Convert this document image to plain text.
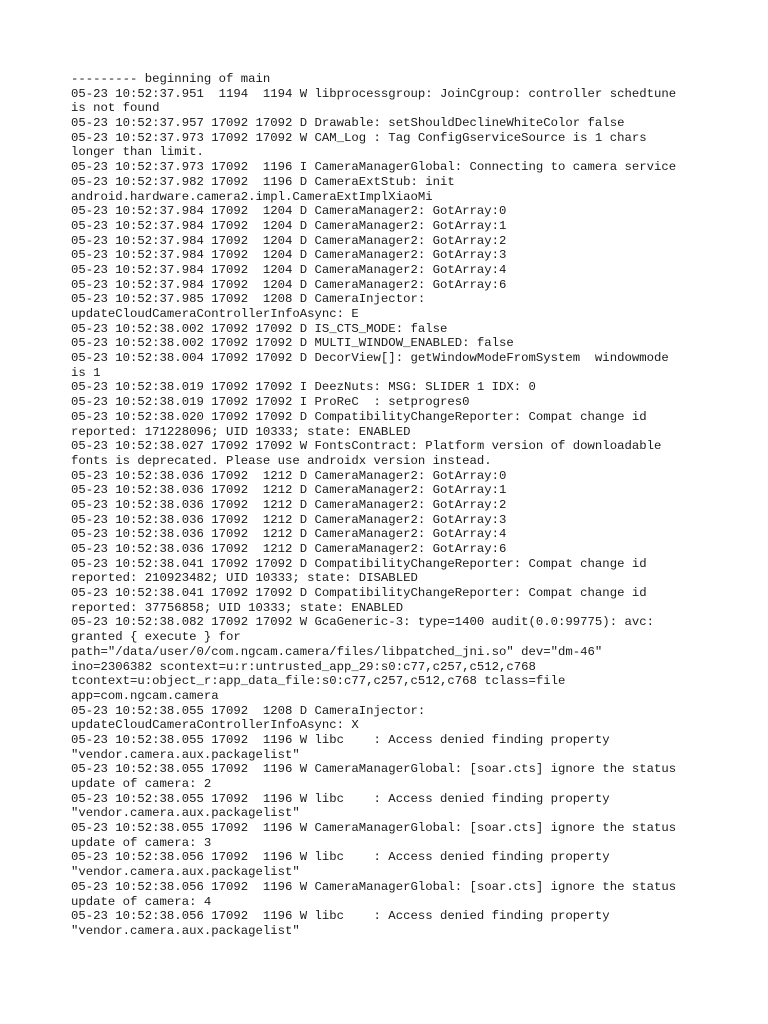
--------- beginning of main
05-23 10:52:37.951  1194  1194 W libprocessgroup: JoinCgroup: controller schedtune
is not found
05-23 10:52:37.957 17092 17092 D Drawable: setShouldDeclineWhiteColor false
05-23 10:52:37.973 17092 17092 W CAM_Log : Tag ConfigGserviceSource is 1 chars
longer than limit.
05-23 10:52:37.973 17092  1196 I CameraManagerGlobal: Connecting to camera service
05-23 10:52:37.982 17092  1196 D CameraExtStub: init
android.hardware.camera2.impl.CameraExtImplXiaoMi
05-23 10:52:37.984 17092  1204 D CameraManager2: GotArray:0
05-23 10:52:37.984 17092  1204 D CameraManager2: GotArray:1
05-23 10:52:37.984 17092  1204 D CameraManager2: GotArray:2
05-23 10:52:37.984 17092  1204 D CameraManager2: GotArray:3
05-23 10:52:37.984 17092  1204 D CameraManager2: GotArray:4
05-23 10:52:37.984 17092  1204 D CameraManager2: GotArray:6
05-23 10:52:37.985 17092  1208 D CameraInjector:
updateCloudCameraControllerInfoAsync: E
05-23 10:52:38.002 17092 17092 D IS_CTS_MODE: false
05-23 10:52:38.002 17092 17092 D MULTI_WINDOW_ENABLED: false
05-23 10:52:38.004 17092 17092 D DecorView[]: getWindowModeFromSystem  windowmode
is 1
05-23 10:52:38.019 17092 17092 I DeezNuts: MSG: SLIDER 1 IDX: 0
05-23 10:52:38.019 17092 17092 I ProReC  : setprogres0
05-23 10:52:38.020 17092 17092 D CompatibilityChangeReporter: Compat change id
reported: 171228096; UID 10333; state: ENABLED
05-23 10:52:38.027 17092 17092 W FontsContract: Platform version of downloadable
fonts is deprecated. Please use androidx version instead.
05-23 10:52:38.036 17092  1212 D CameraManager2: GotArray:0
05-23 10:52:38.036 17092  1212 D CameraManager2: GotArray:1
05-23 10:52:38.036 17092  1212 D CameraManager2: GotArray:2
05-23 10:52:38.036 17092  1212 D CameraManager2: GotArray:3
05-23 10:52:38.036 17092  1212 D CameraManager2: GotArray:4
05-23 10:52:38.036 17092  1212 D CameraManager2: GotArray:6
05-23 10:52:38.041 17092 17092 D CompatibilityChangeReporter: Compat change id
reported: 210923482; UID 10333; state: DISABLED
05-23 10:52:38.041 17092 17092 D CompatibilityChangeReporter: Compat change id
reported: 37756858; UID 10333; state: ENABLED
05-23 10:52:38.082 17092 17092 W GcaGeneric-3: type=1400 audit(0.0:99775): avc:
granted { execute } for
path="/data/user/0/com.ngcam.camera/files/libpatched_jni.so" dev="dm-46"
ino=2306382 scontext=u:r:untrusted_app_29:s0:c77,c257,c512,c768
tcontext=u:object_r:app_data_file:s0:c77,c257,c512,c768 tclass=file
app=com.ngcam.camera
05-23 10:52:38.055 17092  1208 D CameraInjector:
updateCloudCameraControllerInfoAsync: X
05-23 10:52:38.055 17092  1196 W libc    : Access denied finding property
"vendor.camera.aux.packagelist"
05-23 10:52:38.055 17092  1196 W CameraManagerGlobal: [soar.cts] ignore the status
update of camera: 2
05-23 10:52:38.055 17092  1196 W libc    : Access denied finding property
"vendor.camera.aux.packagelist"
05-23 10:52:38.055 17092  1196 W CameraManagerGlobal: [soar.cts] ignore the status
update of camera: 3
05-23 10:52:38.056 17092  1196 W libc    : Access denied finding property
"vendor.camera.aux.packagelist"
05-23 10:52:38.056 17092  1196 W CameraManagerGlobal: [soar.cts] ignore the status
update of camera: 4
05-23 10:52:38.056 17092  1196 W libc    : Access denied finding property
"vendor.camera.aux.packagelist"
